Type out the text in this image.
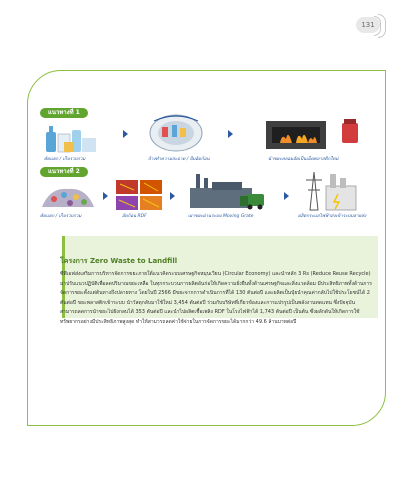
131
แนวทางที่ 1
คัดแยก / เก็บรวบรวม	ล้างทำความสะอาด / บีบอัดก้อน	นำขยะหลอมอัดเป็นเม็ดพลาสติกใหม่
แนวทางที่ 2
คัดแยก / เก็บรวบรวม	อัดก้อน RDF	เผาขยะผ่านระบบ Moving Grate	ผลิตกระแสไฟฟ้าส่งเข้าระบบสายส่ง
โครงการ Zero Waste to Landfill
ซีพีเอฟส่งเสริมการบริหารจัดการขยะภายใต้แนวคิดระบบเศรษฐกิจหมุนเวียน (Circular Economy) และนำหลัก 3 Rs (Reduce Reuse Recycle) มาปรับแนวปฏิบัติเพื่อลดปริมาณขยะเหลือ ในทุกกระบวนการผลิตอันก่อให้เกิดความยั่งยืนทั้งด้านเศรษฐกิจและสิ่งแวดล้อม มีประสิทธิภาพทั้งด้านการจัดการขยะตั้งแต่ต้นทางถึงปลายทาง โดยในปี 2566 มีขยะจากการดำเนินการที่ได้ 130 ตันต่อปี และผลิตเป็นปุ๋ยนำคุณค่ากลับไปใช้ประโยชน์ได้ 2 ตันต่อปี ขยะพลาสติกเข้าระบบ นำวัสดุกลับมาใช้ใหม่ 3,454 ตันต่อปี ร่วมกับบริษัทที่เกี่ยวข้องและการแปรรูปเป็นพลังงานทดแทน ซึ่งปัจจุบันสามารถลดการนำขยะไปฝังกลบได้ 353 ตันต่อปี และนำไปผลิตเชื้อเพลิง RDF ในโรงไฟฟ้าได้ 1,743 ตันต่อปี เป็นต้น ซึ่งผลักดันให้เกิดการใช้ทรัพยากรอย่างมีประสิทธิภาพสูงสุด ทำให้สามารถลดค่าใช้จ่ายในการจัดการขยะได้มากกว่า 49.6 ล้านบาทต่อปี
